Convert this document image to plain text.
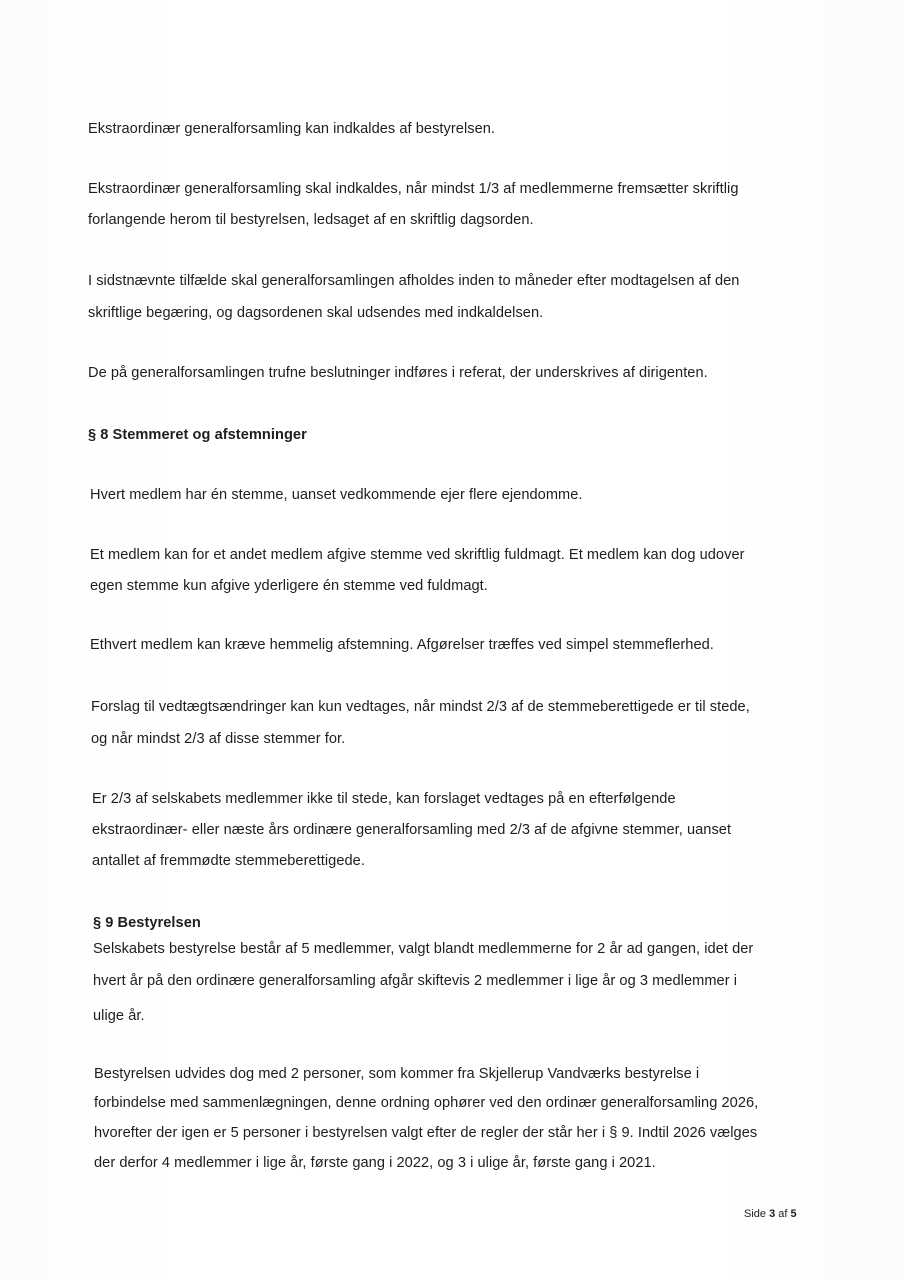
Ekstraordinær generalforsamling kan indkaldes af bestyrelsen.
Ekstraordinær generalforsamling skal indkaldes, når mindst 1/3 af medlemmerne fremsætter skriftlig
forlangende herom til bestyrelsen, ledsaget af en skriftlig dagsorden.
I sidstnævnte tilfælde skal generalforsamlingen afholdes inden to måneder efter modtagelsen af den
skriftlige begæring, og dagsordenen skal udsendes med indkaldelsen.
De på generalforsamlingen trufne beslutninger indføres i referat, der underskrives af dirigenten.
§ 8 Stemmeret og afstemninger
Hvert medlem har én stemme, uanset vedkommende ejer flere ejendomme.
Et medlem kan for et andet medlem afgive stemme ved skriftlig fuldmagt. Et medlem kan dog udover
egen stemme kun afgive yderligere én stemme ved fuldmagt.
Ethvert medlem kan kræve hemmelig afstemning. Afgørelser træffes ved simpel stemmeflerhed.
Forslag til vedtægtsændringer kan kun vedtages, når mindst 2/3 af de stemmeberettigede er til stede,
og når mindst 2/3 af disse stemmer for.
Er 2/3 af selskabets medlemmer ikke til stede, kan forslaget vedtages på en efterfølgende
ekstraordinær- eller næste års ordinære generalforsamling med 2/3 af de afgivne stemmer, uanset
antallet af fremmødte stemmeberettigede.
§ 9 Bestyrelsen
Selskabets bestyrelse består af 5 medlemmer, valgt blandt medlemmerne for 2 år ad gangen, idet der
hvert år på den ordinære generalforsamling afgår skiftevis 2 medlemmer i lige år og 3 medlemmer i
ulige år.
Bestyrelsen udvides dog med 2 personer, som kommer fra Skjellerup Vandværks bestyrelse i
forbindelse med sammenlægningen, denne ordning ophører ved den ordinær generalforsamling 2026,
hvorefter der igen er 5 personer i bestyrelsen valgt efter de regler der står her i § 9. Indtil 2026 vælges
der derfor 4 medlemmer i lige år, første gang i 2022, og 3 i ulige år, første gang i 2021.
Side 3 af 5
